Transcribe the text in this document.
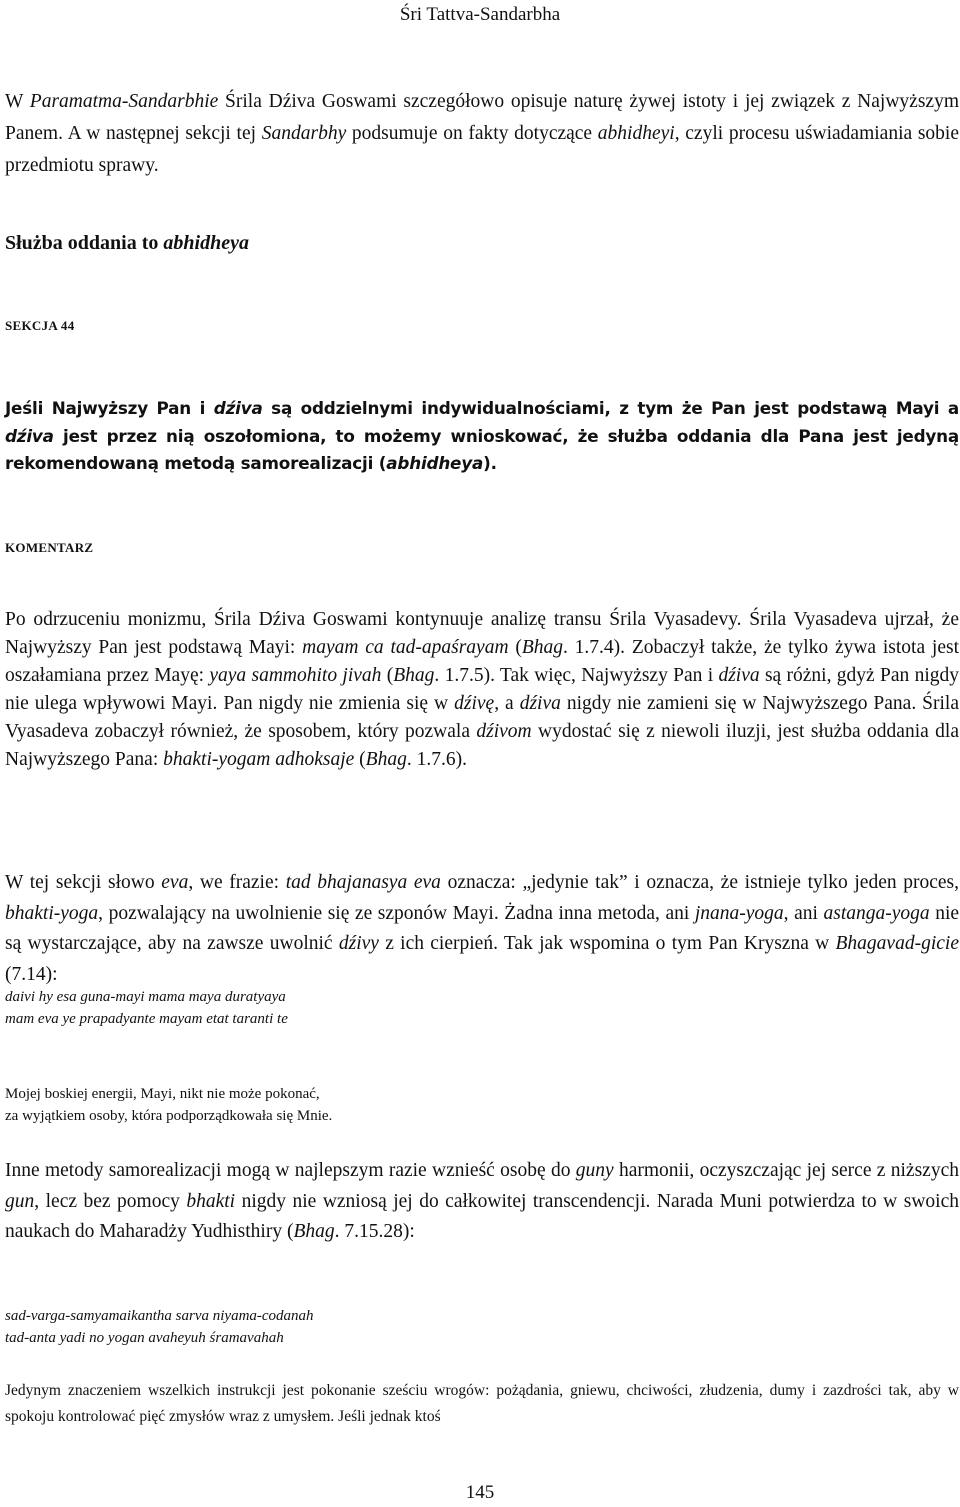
Śri Tattva-Sandarbha

W Paramatma-Sandarbhie Śrila Dźiva Goswami szczegółowo opisuje naturę żywej istoty i jej związek z Najwyższym Panem. A w następnej sekcji tej Sandarbhy podsumuje on fakty dotyczące abhidheyi, czyli procesu uświadamiania sobie przedmiotu sprawy.

Służba oddania to abhidheya
SEKCJA 44

Jeśli Najwyższy Pan i dźiva są oddzielnymi indywidualnościami, z tym że Pan jest podstawą Mayi a dźiva jest przez nią oszołomiona, to możemy wnioskować, że służba oddania dla Pana jest jedyną rekomendowaną metodą samorealizacji (abhidheya).

KOMENTARZ

Po odrzuceniu monizmu, Śrila Dźiva Goswami kontynuuje analizę transu Śrila Vyasadevy. Śrila Vyasadeva ujrzał, że Najwyższy Pan jest podstawą Mayi: mayam ca tad-apaśrayam (Bhag. 1.7.4). Zobaczył także, że tylko żywa istota jest oszałamiana przez Mayę: yaya sammohito jivah (Bhag. 1.7.5). Tak więc, Najwyższy Pan i dźiva są różni, gdyż Pan nigdy nie ulega wpływowi Mayi. Pan nigdy nie zmienia się w dźivę, a dźiva nigdy nie zamieni się w Najwyższego Pana. Śrila Vyasadeva zobaczył również, że sposobem, który pozwala dźivom wydostać się z niewoli iluzji, jest służba oddania dla Najwyższego Pana: bhakti-yogam adhoksaje (Bhag. 1.7.6).

W tej sekcji słowo eva, we frazie: tad bhajanasya eva oznacza: „jedynie tak” i oznacza, że istnieje tylko jeden proces, bhakti-yoga, pozwalający na uwolnienie się ze szponów Mayi. Żadna inna metoda, ani jnana-yoga, ani astanga-yoga nie są wystarczające, aby na zawsze uwolnić dźivy z ich cierpień. Tak jak wspomina o tym Pan Kryszna w Bhagavad-gicie (7.14):

daivi hy esa guna-mayi mama maya duratyaya
mam eva ye prapadyante mayam etat taranti te
Mojej boskiej energii, Mayi, nikt nie może pokonać,
za wyjątkiem osoby, która podporządkowała się Mnie.

Inne metody samorealizacji mogą w najlepszym razie wznieść osobę do guny harmonii, oczyszczając jej serce z niższych gun, lecz bez pomocy bhakti nigdy nie wzniosą jej do całkowitej transcendencji. Narada Muni potwierdza to w swoich naukach do Maharadży Yudhisthiry (Bhag. 7.15.28):

sad-varga-samyamaikantha sarva niyama-codanah
tad-anta yadi no yogan avaheyuh śramavahah

Jedynym znaczeniem wszelkich instrukcji jest pokonanie sześciu wrogów: pożądania, gniewu, chciwości, złudzenia, dumy i zazdrości tak, aby w spokoju kontrolować pięć zmysłów wraz z umysłem. Jeśli jednak ktoś

145
